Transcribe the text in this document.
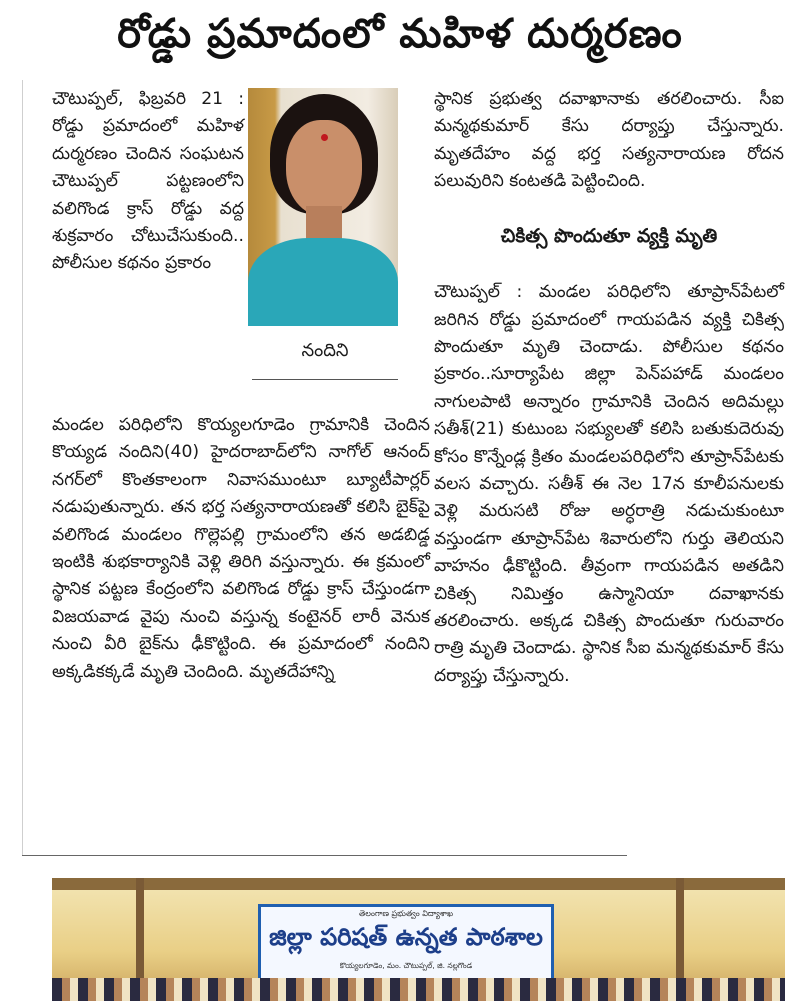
రోడ్డు ప్రమాదంలో మహిళ దుర్మరణం

చౌటుప్పల్, ఫిబ్రవరి 21 : రోడ్డు ప్రమాదంలో మహిళ దుర్మరణం చెందిన సంఘటన చౌటుప్పల్ పట్టణంలోని వలిగొండ క్రాస్ రోడ్డు వద్ద శుక్రవారం చోటుచేసుకుంది.. పోలీసుల కథనం ప్రకారం

నందిని

మండల పరిధిలోని కొయ్యలగూడెం గ్రామానికి చెందిన కొయ్యడ నందిని(40) హైదరాబాద్‌లోని నాగోల్ ఆనంద్ నగర్‌లో కొంతకాలంగా నివాసముంటూ బ్యూటీపార్లర్ నడుపుతున్నారు. తన భర్త సత్యనారాయణతో కలిసి బైక్‌పై వలిగొండ మండలం గొల్లెపల్లి గ్రామంలోని తన అడబిడ్డ ఇంటికి శుభకార్యానికి వెళ్లి తిరిగి వస్తున్నారు. ఈ క్రమంలో స్థానిక పట్టణ కేంద్రంలోని వలిగొండ రోడ్డు క్రాస్ చేస్తుండగా విజయవాడ వైపు నుంచి వస్తున్న కంటైనర్ లారీ వెనుక నుంచి వీరి బైక్‌ను ఢీకొట్టింది. ఈ ప్రమాదంలో నందిని అక్కడికక్కడే మృతి చెందింది. మృతదేహాన్ని

స్థానిక ప్రభుత్వ దవాఖానాకు తరలించారు. సీఐ మన్మథకుమార్ కేసు దర్యాప్తు చేస్తున్నారు. మృతదేహం వద్ద భర్త సత్యనారాయణ రోదన పలువురిని కంటతడి పెట్టించింది.

చికిత్స పొందుతూ వ్యక్తి మృతి

చౌటుప్పల్ : మండల పరిధిలోని తూప్రాన్‌పేటలో జరిగిన రోడ్డు ప్రమాదంలో గాయపడిన వ్యక్తి చికిత్స పొందుతూ మృతి చెందాడు. పోలీసుల కథనం ప్రకారం..సూర్యాపేట జిల్లా పెన్‌పహాడ్ మండలం నాగులపాటి అన్నారం గ్రామానికి చెందిన అదిమల్లు సతీశ్(21) కుటుంబ సభ్యులతో కలిసి బతుకుదెరువు కోసం కొన్నేండ్ల క్రితం మండలపరిధిలోని తూప్రాన్‌పేటకు వలస వచ్చారు. సతీశ్ ఈ నెల 17న కూలీపనులకు వెళ్లి మరుసటి రోజు అర్ధరాత్రి నడుచుకుంటూ వస్తుండగా తూప్రాన్‌పేట శివారులోని గుర్తు తెలియని వాహనం ఢీకొట్టింది. తీవ్రంగా గాయపడిన అతడిని చికిత్స నిమిత్తం ఉస్మానియా దవాఖానకు తరలించారు. అక్కడ చికిత్స పొందుతూ గురువారం రాత్రి మృతి చెందాడు. స్థానిక సీఐ మన్మథకుమార్ కేసు దర్యాప్తు చేస్తున్నారు.

తెలంగాణ ప్రభుత్వం విద్యాశాఖ
జిల్లా పరిషత్ ఉన్నత పాఠశాల
కొయ్యలగూడెం, మం. చౌటుప్పల్, జి. నల్లగొండ
